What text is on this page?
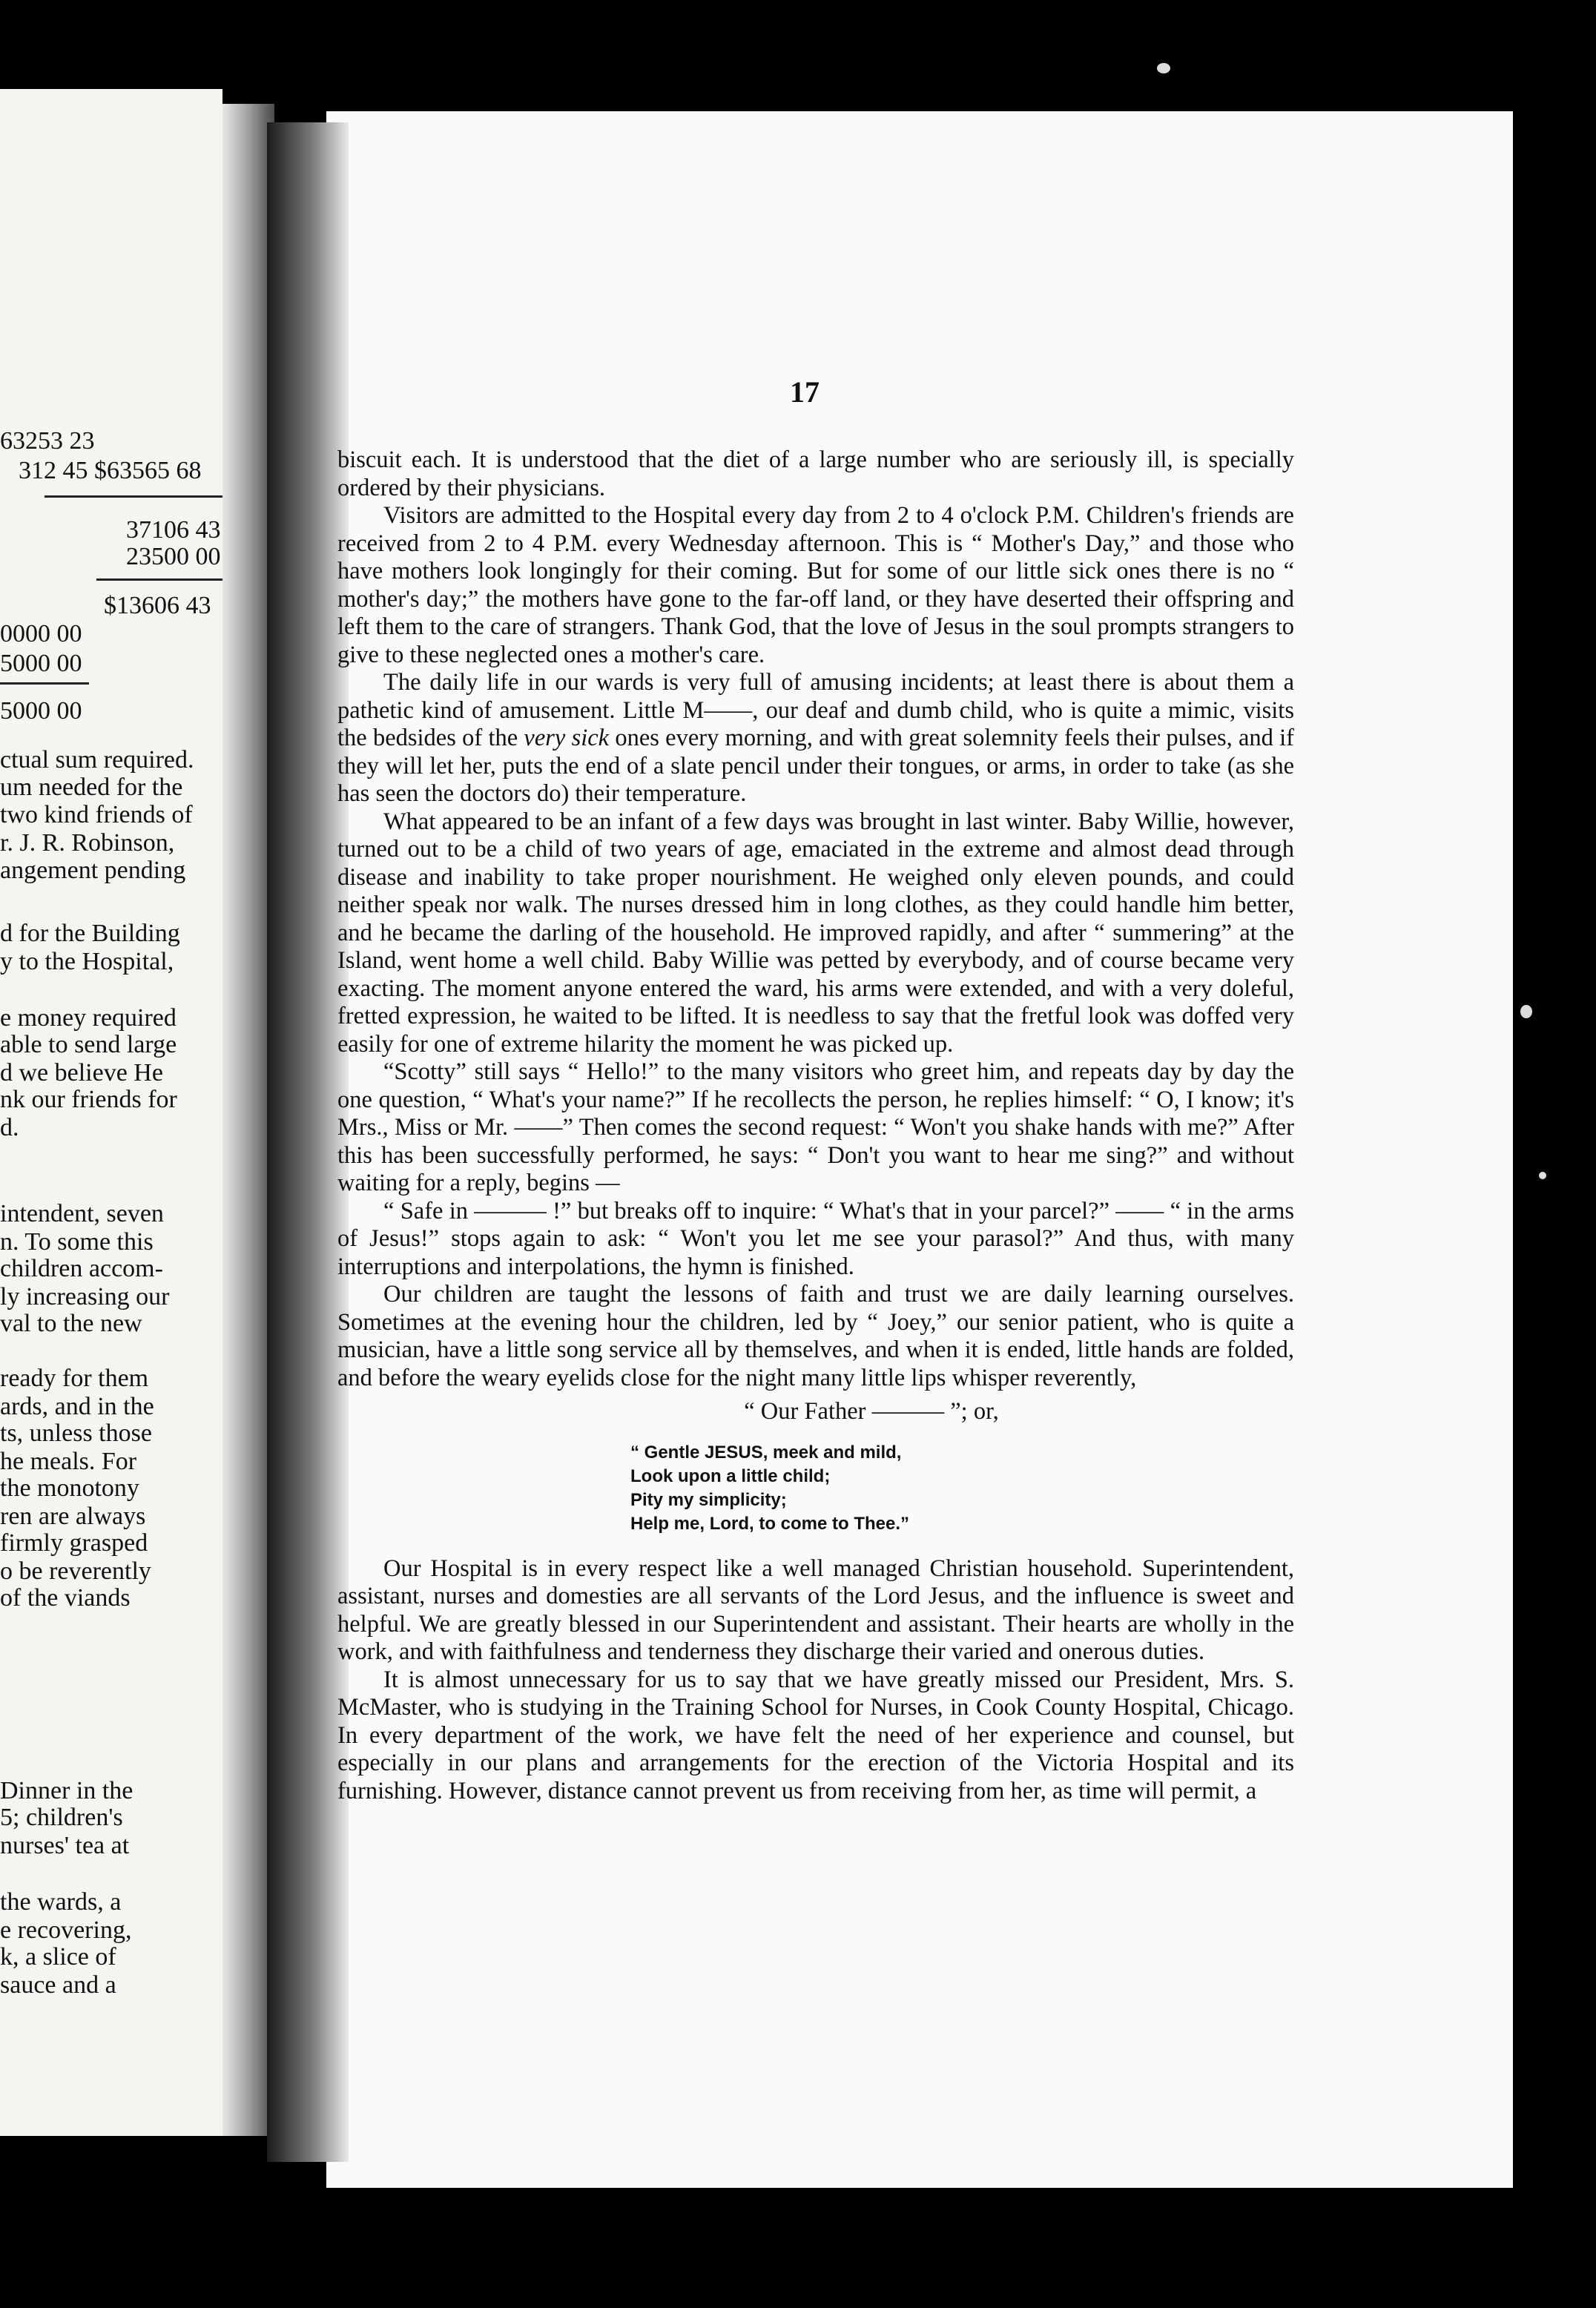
63253 23
312 45 $63565 68
37106 43
23500 00
$13606 43
0000 00
5000 00
5000 00
ctual sum required.
um needed for the
two kind friends of
r. J. R. Robinson,
angement pending
d for the Building
y to the Hospital,
e money required
able to send large
d we believe He
nk our friends for
d.
intendent, seven
n. To some this
children accom-
ly increasing our
val to the new
ready for them
ards, and in the
ts, unless those
he meals. For
the monotony
ren are always
firmly grasped
o be reverently
of the viands
Dinner in the
5; children's
nurses' tea at
the wards, a
e recovering,
k, a slice of
sauce and a
17

biscuit each. It is understood that the diet of a large number who are seriously ill, is specially ordered by their physicians.

Visitors are admitted to the Hospital every day from 2 to 4 o'clock P.M. Children's friends are received from 2 to 4 P.M. every Wednesday afternoon. This is “ Mother's Day,” and those who have mothers look longingly for their coming. But for some of our little sick ones there is no “ mother's day;” the mothers have gone to the far-off land, or they have deserted their offspring and left them to the care of strangers. Thank God, that the love of Jesus in the soul prompts strangers to give to these neglected ones a mother's care.

The daily life in our wards is very full of amusing incidents; at least there is about them a pathetic kind of amusement. Little M——, our deaf and dumb child, who is quite a mimic, visits the bedsides of the very sick ones every morning, and with great solemnity feels their pulses, and if they will let her, puts the end of a slate pencil under their tongues, or arms, in order to take (as she has seen the doctors do) their temperature.

What appeared to be an infant of a few days was brought in last winter. Baby Willie, however, turned out to be a child of two years of age, emaciated in the extreme and almost dead through disease and inability to take proper nourishment. He weighed only eleven pounds, and could neither speak nor walk. The nurses dressed him in long clothes, as they could handle him better, and he became the darling of the household. He improved rapidly, and after “ summering” at the Island, went home a well child. Baby Willie was petted by everybody, and of course became very exacting. The moment anyone entered the ward, his arms were extended, and with a very doleful, fretted expression, he waited to be lifted. It is needless to say that the fretful look was doffed very easily for one of extreme hilarity the moment he was picked up.

“Scotty” still says “ Hello!” to the many visitors who greet him, and repeats day by day the one question, “ What's your name?” If he recollects the person, he replies himself: “ O, I know; it's Mrs., Miss or Mr. ——” Then comes the second request: “ Won't you shake hands with me?” After this has been successfully performed, he says: “ Don't you want to hear me sing?” and without waiting for a reply, begins —

“ Safe in ——— !” but breaks off to inquire: “ What's that in your parcel?” —— “ in the arms of Jesus!” stops again to ask: “ Won't you let me see your parasol?” And thus, with many interruptions and interpolations, the hymn is finished.

Our children are taught the lessons of faith and trust we are daily learning ourselves. Sometimes at the evening hour the children, led by “ Joey,” our senior patient, who is quite a musician, have a little song service all by themselves, and when it is ended, little hands are folded, and before the weary eyelids close for the night many little lips whisper reverently,

“ Our Father ——— ”; or,
“ Gentle JESUS, meek and mild,
Look upon a little child;
Pity my simplicity;
Help me, Lord, to come to Thee.”

Our Hospital is in every respect like a well managed Christian household. Superintendent, assistant, nurses and domesties are all servants of the Lord Jesus, and the influence is sweet and helpful. We are greatly blessed in our Superintendent and assistant. Their hearts are wholly in the work, and with faithfulness and tenderness they discharge their varied and onerous duties.

It is almost unnecessary for us to say that we have greatly missed our President, Mrs. S. McMaster, who is studying in the Training School for Nurses, in Cook County Hospital, Chicago. In every department of the work, we have felt the need of her experience and counsel, but especially in our plans and arrangements for the erection of the Victoria Hospital and its furnishing. However, distance cannot prevent us from receiving from her, as time will permit, a
